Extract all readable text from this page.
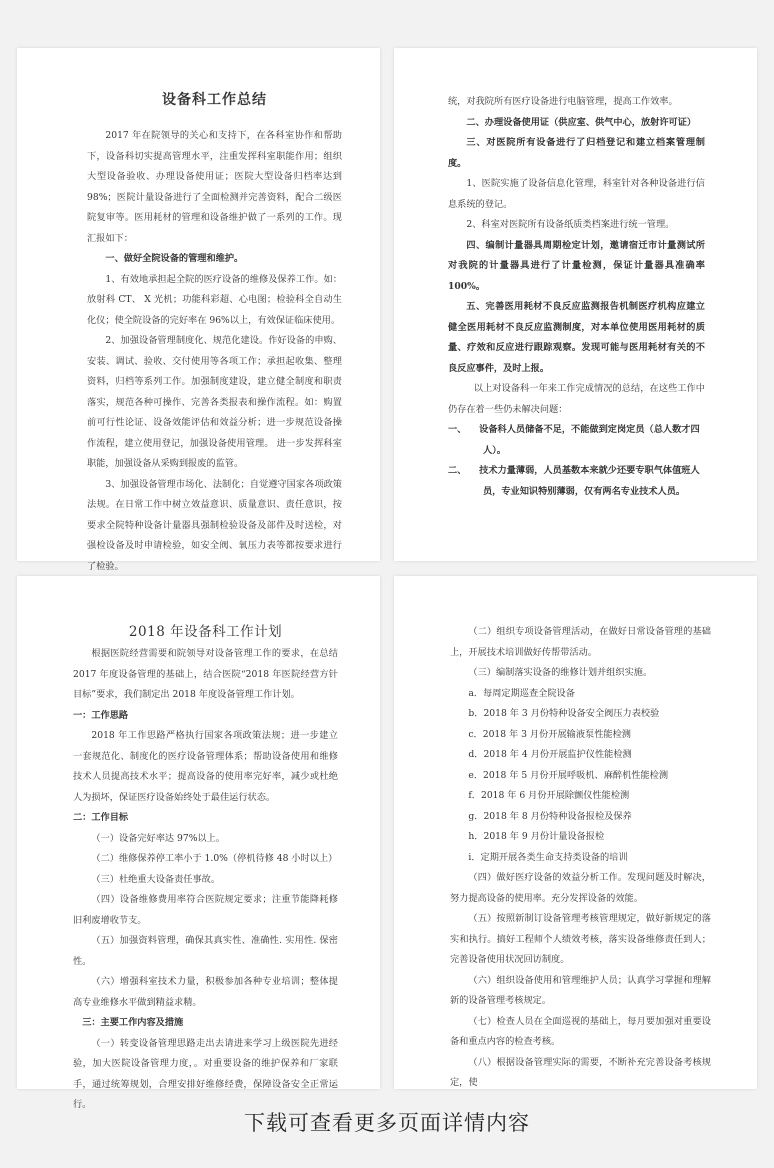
设备科工作总结

2017 年在院领导的关心和支持下，在各科室协作和帮助下，设备科切实提高管理水平，注重发挥科室职能作用；组织大型设备验收、办理设备使用证；医院大型设备归档率达到 98%；医院计量设备进行了全面检测并完善资料，配合二级医院复审等。医用耗材的管理和设备维护做了一系列的工作。现汇报如下：

一、做好全院设备的管理和维护。

1、有效地承担起全院的医疗设备的维修及保养工作。如：放射科 CT、 X 光机；功能科彩超、心电图；检验科全自动生化仪；使全院设备的完好率在 96%以上，有效保证临床使用。

2、加强设备管理制度化、规范化建设。作好设备的申购、安装、调试、验收、交付使用等各项工作；承担起收集、整理资料，归档等系列工作。加强制度建设，建立健全制度和职责落实，规范各种可操作、完善各类报表和操作流程。如：购置前可行性论证、设备效能评估和效益分析；进一步规范设备操作流程，建立使用登记，加强设备使用管理。 进一步发挥科室职能，加强设备从采购到报废的监管。

3、加强设备管理市场化、法制化；自觉遵守国家各项政策法规。在日常工作中树立效益意识、质量意识、责任意识，按要求全院特种设备计量器具强制检验设备及部件及时送检，对强检设备及时申请检验，如安全阀、氧压力表等都按要求进行了检验。

统，对我院所有医疗设备进行电脑管理，提高工作效率。

二、办理设备使用证（供应室、供气中心，放射许可证）

三、对医院所有设备进行了归档登记和建立档案管理制度。

1、医院实施了设备信息化管理，科室针对各种设备进行信息系统的登记。

2、科室对医院所有设备纸质类档案进行统一管理。

四、编制计量器具周期检定计划，邀请宿迁市计量测试所对我院的计量器具进行了计量检测，保证计量器具准确率 100%。

五、完善医用耗材不良反应监测报告机制医疗机构应建立健全医用耗材不良反应监测制度，对本单位使用医用耗材的质量、疗效和反应进行跟踪观察。发现可能与医用耗材有关的不良反应事件，及时上报。

以上对设备科一年来工作完成情况的总结，在这些工作中仍存在着一些仍未解决问题：

一、 设备科人员储备不足，不能做到定岗定员（总人数才四人）。
二、 技术力量薄弱，人员基数本来就少还要专职气体值班人员，专业知识特别薄弱，仅有两名专业技术人员。

2018 年设备科工作计划

根据医院经营需要和院领导对设备管理工作的要求，在总结 2017 年度设备管理的基础上，结合医院“2018 年医院经营方针目标”要求，我们制定出 2018 年度设备管理工作计划。

一：工作思路

2018 年工作思路严格执行国家各项政策法规；进一步建立一套规范化、制度化的医疗设备管理体系；帮助设备使用和维修技术人员提高技术水平；提高设备的使用率完好率，减少或杜绝人为损坏，保证医疗设备始终处于最佳运行状态。

二：工作目标

（一）设备完好率达 97%以上。

（二）维修保养停工率小于 1.0%（停机待修 48 小时以上）

（三）杜绝重大设备责任事故。

（四）设备维修费用率符合医院规定要求；注重节能降耗修旧利废增收节支。

（五）加强资料管理，确保其真实性、准确性. 实用性. 保密性。

（六）增强科室技术力量，积极参加各种专业培训；整体提高专业维修水平做到精益求精。

三：主要工作内容及措施

（一）转变设备管理思路走出去请进来学习上级医院先进经验，加大医院设备管理力度，。对重要设备的维护保养和厂家联手，通过统筹规划，合理安排好维修经费，保障设备安全正常运行。

（二）组织专项设备管理活动，在做好日常设备管理的基础上，开展技术培训做好传帮带活动。

（三）编制落实设备的维修计划并组织实施。

a．每周定期巡查全院设备

b．2018 年 3 月份特种设备安全阀压力表校验

c．2018 年 3 月份开展输液泵性能检测

d．2018 年 4 月份开展监护仪性能检测

e．2018 年 5 月份开展呼吸机、麻醉机性能检测

f．2018 年 6 月份开展除颤仪性能检测

g．2018 年 8 月份特种设备报检及保养

h．2018 年 9 月份计量设备报检

i．定期开展各类生命支持类设备的培训

（四）做好医疗设备的效益分析工作。发现问题及时解决，努力提高设备的使用率。充分发挥设备的效能。

（五）按照新制订设备管理考核管理规定，做好新规定的落实和执行。搞好工程师个人绩效考核，落实设备维修责任到人；完善设备使用状况回访制度。

（六）组织设备使用和管理维护人员；认真学习掌握和理解新的设备管理考核规定。

（七）检查人员在全面巡视的基础上，每月要加强对重要设备和重点内容的检查考核。

（八）根据设备管理实际的需要，不断补充完善设备考核规定，使

下载可查看更多页面详情内容
